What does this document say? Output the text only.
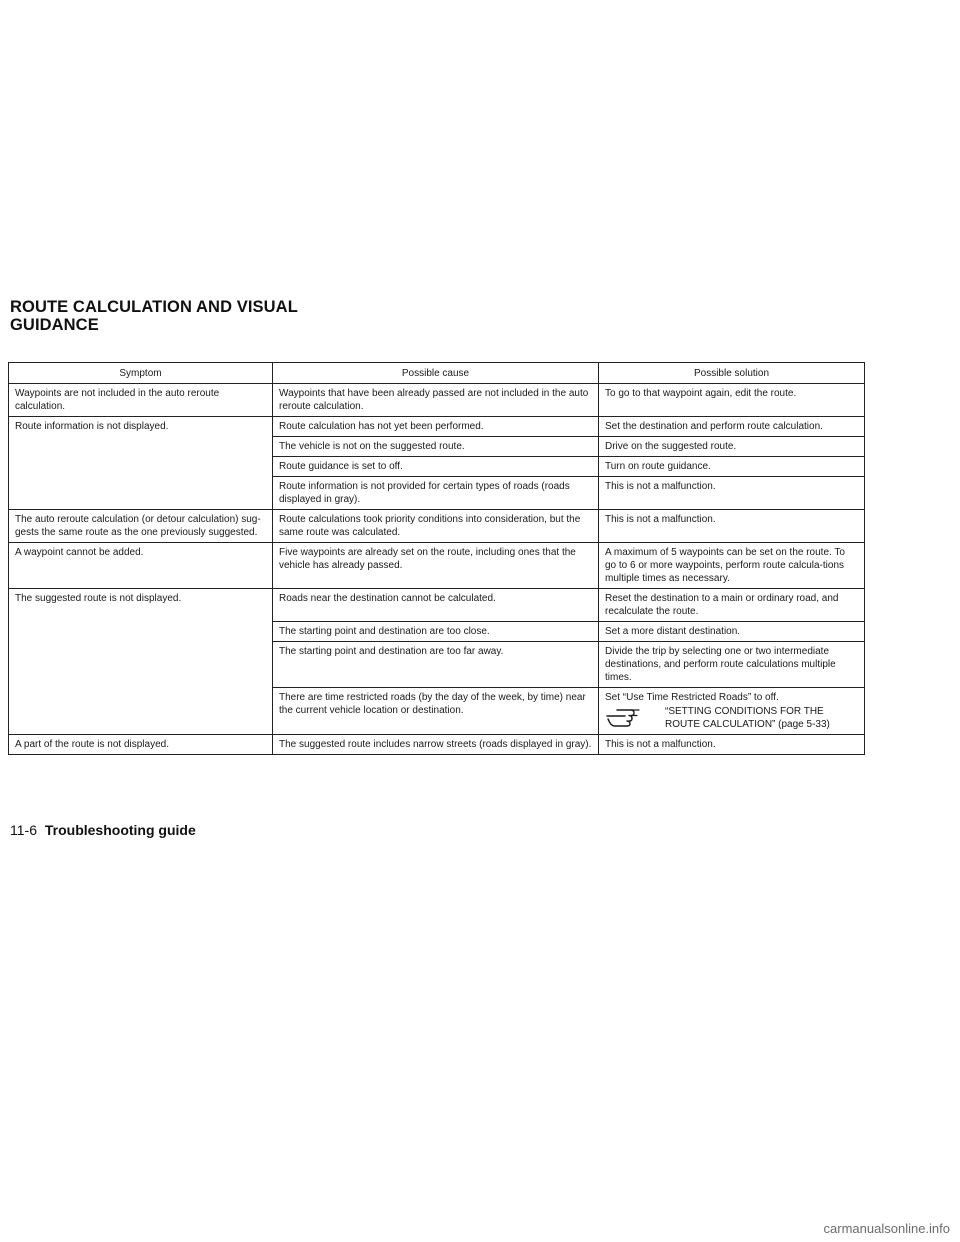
ROUTE CALCULATION AND VISUAL
GUIDANCE
Symptom	Possible cause	Possible solution
Waypoints are not included in the auto reroute calculation.	Waypoints that have been already passed are not included in the auto reroute calculation.	To go to that waypoint again, edit the route.
Route information is not displayed.	Route calculation has not yet been performed.	Set the destination and perform route calculation.
	The vehicle is not on the suggested route.	Drive on the suggested route.
	Route guidance is set to off.	Turn on route guidance.
	Route information is not provided for certain types of roads (roads displayed in gray).	This is not a malfunction.
The auto reroute calculation (or detour calculation) sug-gests the same route as the one previously suggested.	Route calculations took priority conditions into consideration, but the same route was calculated.	This is not a malfunction.
A waypoint cannot be added.	Five waypoints are already set on the route, including ones that the vehicle has already passed.	A maximum of 5 waypoints can be set on the route. To go to 6 or more waypoints, perform route calcula-tions multiple times as necessary.
The suggested route is not displayed.	Roads near the destination cannot be calculated.	Reset the destination to a main or ordinary road, and recalculate the route.
	The starting point and destination are too close.	Set a more distant destination.
	The starting point and destination are too far away.	Divide the trip by selecting one or two intermediate destinations, and perform route calculations multiple times.
	There are time restricted roads (by the day of the week, by time) near the current vehicle location or destination.	Set “Use Time Restricted Roads” to off.
“SETTING CONDITIONS FOR THE ROUTE CALCULATION” (page 5-33)

A part of the route is not displayed.	The suggested route includes narrow streets (roads displayed in gray).	This is not a malfunction.
11-6 Troubleshooting guide
carmanualsonline.info
